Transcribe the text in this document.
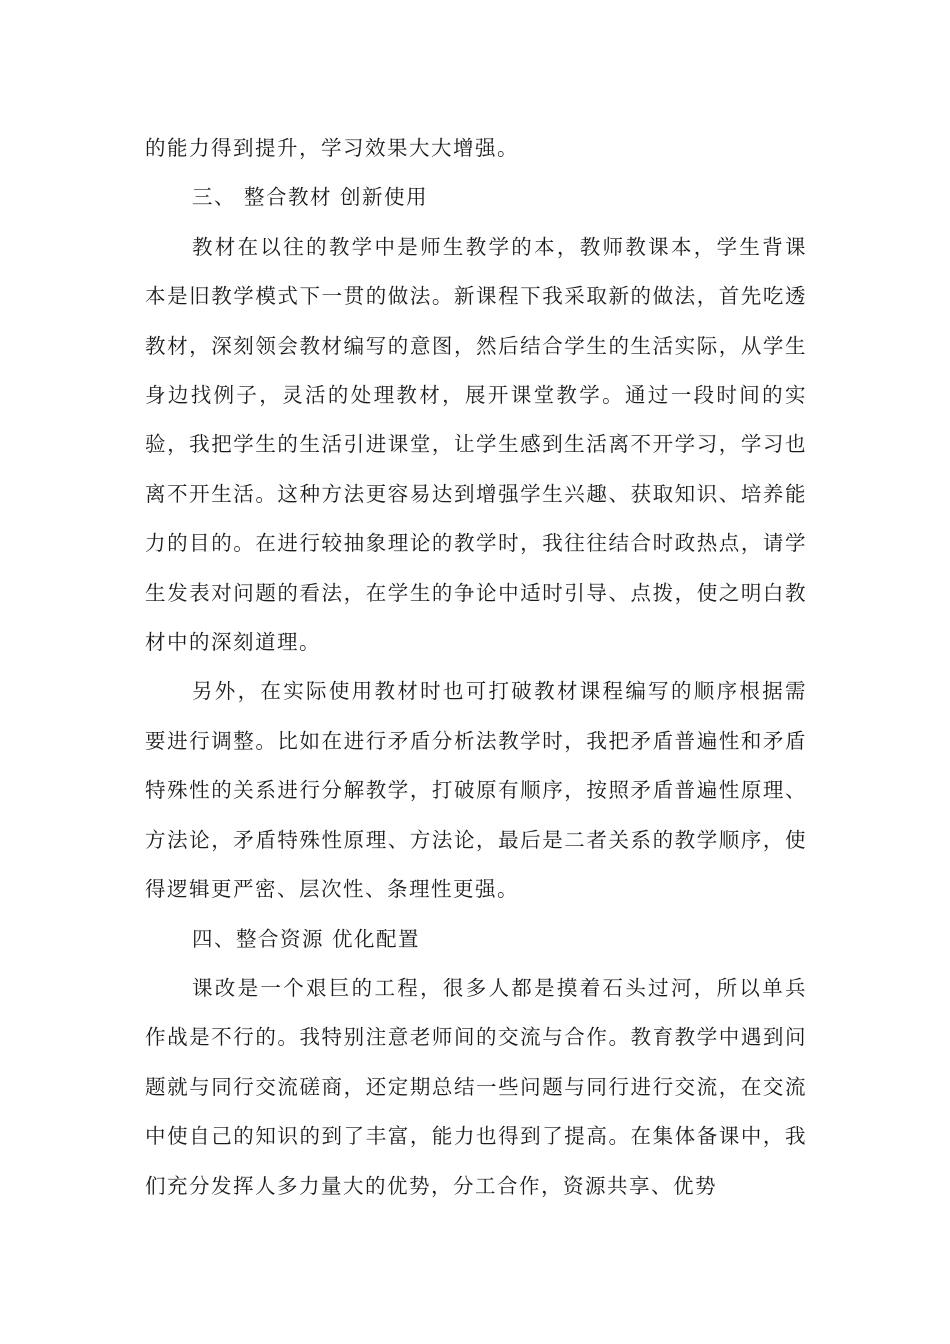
的能力得到提升，学习效果大大增强。

三、 整合教材 创新使用

教材在以往的教学中是师生教学的本，教师教课本，学生背课本是旧教学模式下一贯的做法。新课程下我采取新的做法，首先吃透教材，深刻领会教材编写的意图，然后结合学生的生活实际，从学生身边找例子，灵活的处理教材，展开课堂教学。通过一段时间的实验，我把学生的生活引进课堂，让学生感到生活离不开学习，学习也离不开生活。这种方法更容易达到增强学生兴趣、获取知识、培养能力的目的。在进行较抽象理论的教学时，我往往结合时政热点，请学生发表对问题的看法，在学生的争论中适时引导、点拨，使之明白教材中的深刻道理。

另外，在实际使用教材时也可打破教材课程编写的顺序根据需要进行调整。比如在进行矛盾分析法教学时，我把矛盾普遍性和矛盾特殊性的关系进行分解教学，打破原有顺序，按照矛盾普遍性原理、方法论，矛盾特殊性原理、方法论，最后是二者关系的教学顺序，使得逻辑更严密、层次性、条理性更强。

四、整合资源 优化配置

课改是一个艰巨的工程，很多人都是摸着石头过河，所以单兵作战是不行的。我特别注意老师间的交流与合作。教育教学中遇到问题就与同行交流磋商，还定期总结一些问题与同行进行交流，在交流中使自己的知识的到了丰富，能力也得到了提高。在集体备课中，我们充分发挥人多力量大的优势，分工合作，资源共享、优势
